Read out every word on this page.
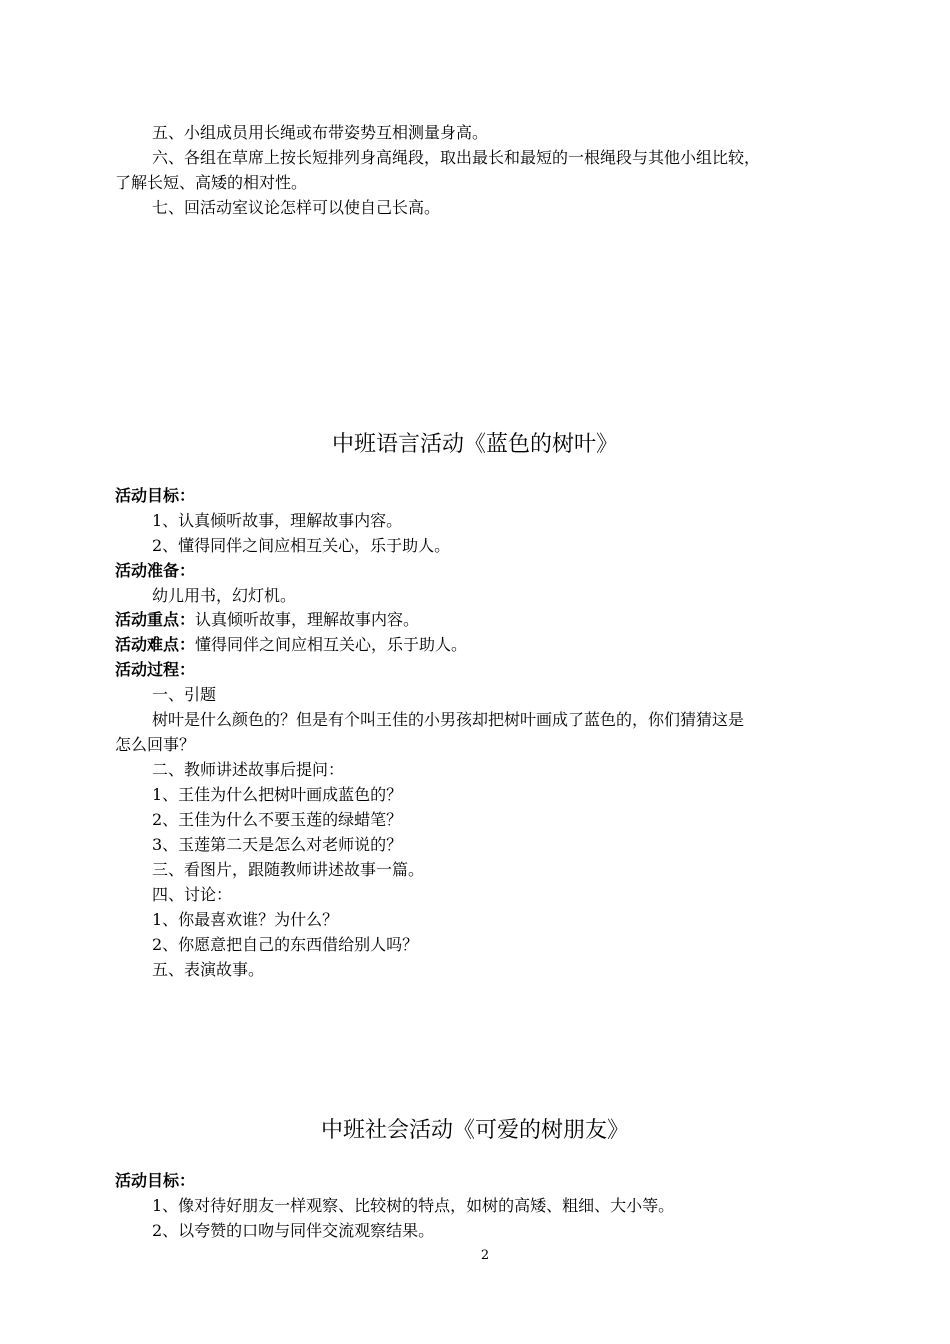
五、小组成员用长绳或布带姿势互相测量身高。
六、各组在草席上按长短排列身高绳段，取出最长和最短的一根绳段与其他小组比较，
了解长短、高矮的相对性。
七、回活动室议论怎样可以使自己长高。
中班语言活动《蓝色的树叶》
活动目标：
1、认真倾听故事，理解故事内容。
2、懂得同伴之间应相互关心，乐于助人。
活动准备：
幼儿用书，幻灯机。
活动重点：认真倾听故事，理解故事内容。
活动难点：懂得同伴之间应相互关心，乐于助人。
活动过程：
一、引题
树叶是什么颜色的？但是有个叫王佳的小男孩却把树叶画成了蓝色的，你们猜猜这是
怎么回事？
二、教师讲述故事后提问：
1、王佳为什么把树叶画成蓝色的？
2、王佳为什么不要玉莲的绿蜡笔？
3、玉莲第二天是怎么对老师说的？
三、看图片，跟随教师讲述故事一篇。
四、讨论：
1、你最喜欢谁？为什么？
2、你愿意把自己的东西借给别人吗？
五、表演故事。
中班社会活动《可爱的树朋友》
活动目标：
1、像对待好朋友一样观察、比较树的特点，如树的高矮、粗细、大小等。
2、以夸赞的口吻与同伴交流观察结果。
2
